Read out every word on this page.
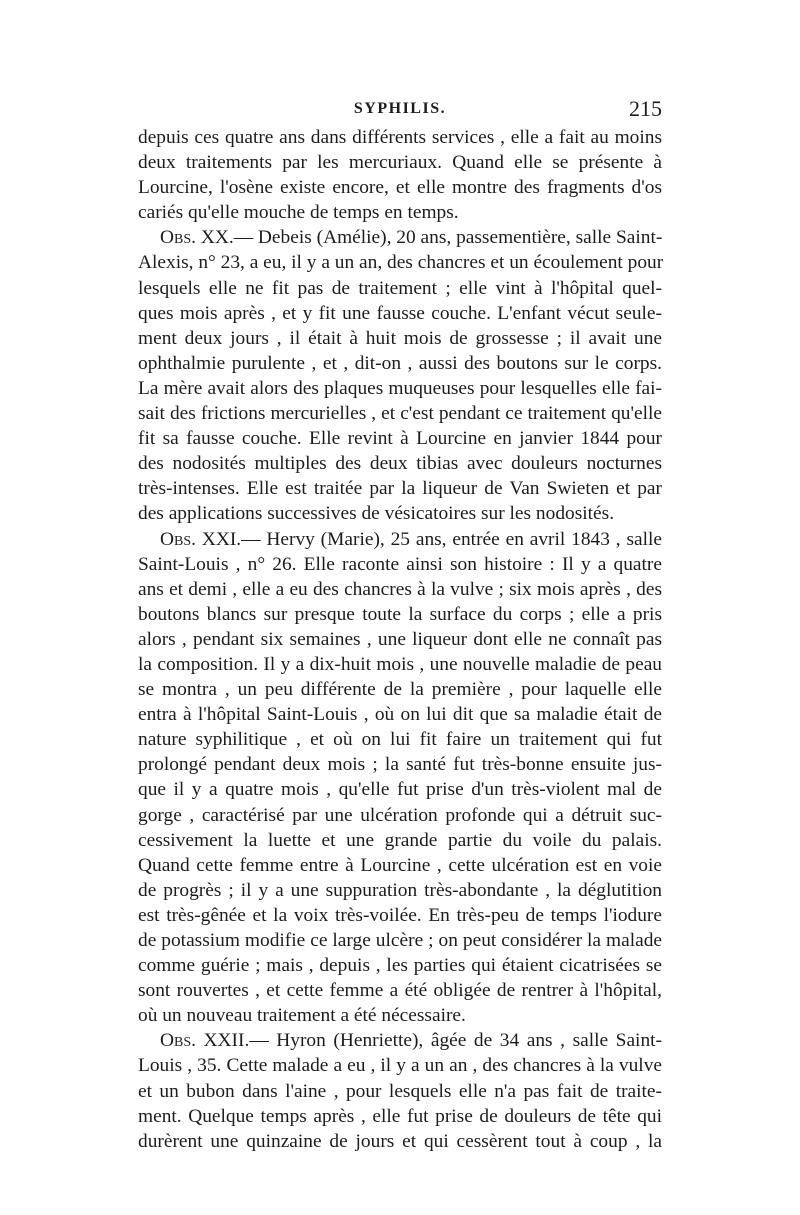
SYPHILIS.	215
depuis ces quatre ans dans différents services , elle a fait au moins
deux traitements par les mercuriaux. Quand elle se présente à
Lourcine, l'osène existe encore, et elle montre des fragments d'os
cariés qu'elle mouche de temps en temps.
Obs. XX.— Debeis (Amélie), 20 ans, passementière, salle Saint-
Alexis, n° 23, a eu, il y a un an, des chancres et un écoulement pour
lesquels elle ne fit pas de traitement ; elle vint à l'hôpital quel-
ques mois après , et y fit une fausse couche. L'enfant vécut seule-
ment deux jours , il était à huit mois de grossesse ; il avait une
ophthalmie purulente , et , dit-on , aussi des boutons sur le corps.
La mère avait alors des plaques muqueuses pour lesquelles elle fai-
sait des frictions mercurielles , et c'est pendant ce traitement qu'elle
fit sa fausse couche. Elle revint à Lourcine en janvier 1844 pour
des nodosités multiples des deux tibias avec douleurs nocturnes
très-intenses. Elle est traitée par la liqueur de Van Swieten et par
des applications successives de vésicatoires sur les nodosités.
Obs. XXI.— Hervy (Marie), 25 ans, entrée en avril 1843 , salle
Saint-Louis , n° 26. Elle raconte ainsi son histoire : Il y a quatre
ans et demi , elle a eu des chancres à la vulve ; six mois après , des
boutons blancs sur presque toute la surface du corps ; elle a pris
alors , pendant six semaines , une liqueur dont elle ne connaît pas
la composition. Il y a dix-huit mois , une nouvelle maladie de peau
se montra , un peu différente de la première , pour laquelle elle
entra à l'hôpital Saint-Louis , où on lui dit que sa maladie était de
nature syphilitique , et où on lui fit faire un traitement qui fut
prolongé pendant deux mois ; la santé fut très-bonne ensuite jus-
que il y a quatre mois , qu'elle fut prise d'un très-violent mal de
gorge , caractérisé par une ulcération profonde qui a détruit suc-
cessivement la luette et une grande partie du voile du palais.
Quand cette femme entre à Lourcine , cette ulcération est en voie
de progrès ; il y a une suppuration très-abondante , la déglutition
est très-gênée et la voix très-voilée. En très-peu de temps l'iodure
de potassium modifie ce large ulcère ; on peut considérer la malade
comme guérie ; mais , depuis , les parties qui étaient cicatrisées se
sont rouvertes , et cette femme a été obligée de rentrer à l'hôpital,
où un nouveau traitement a été nécessaire.
Obs. XXII.— Hyron (Henriette), âgée de 34 ans , salle Saint-
Louis , 35. Cette malade a eu , il y a un an , des chancres à la vulve
et un bubon dans l'aine , pour lesquels elle n'a pas fait de traite-
ment. Quelque temps après , elle fut prise de douleurs de tête qui
durèrent une quinzaine de jours et qui cessèrent tout à coup , la
